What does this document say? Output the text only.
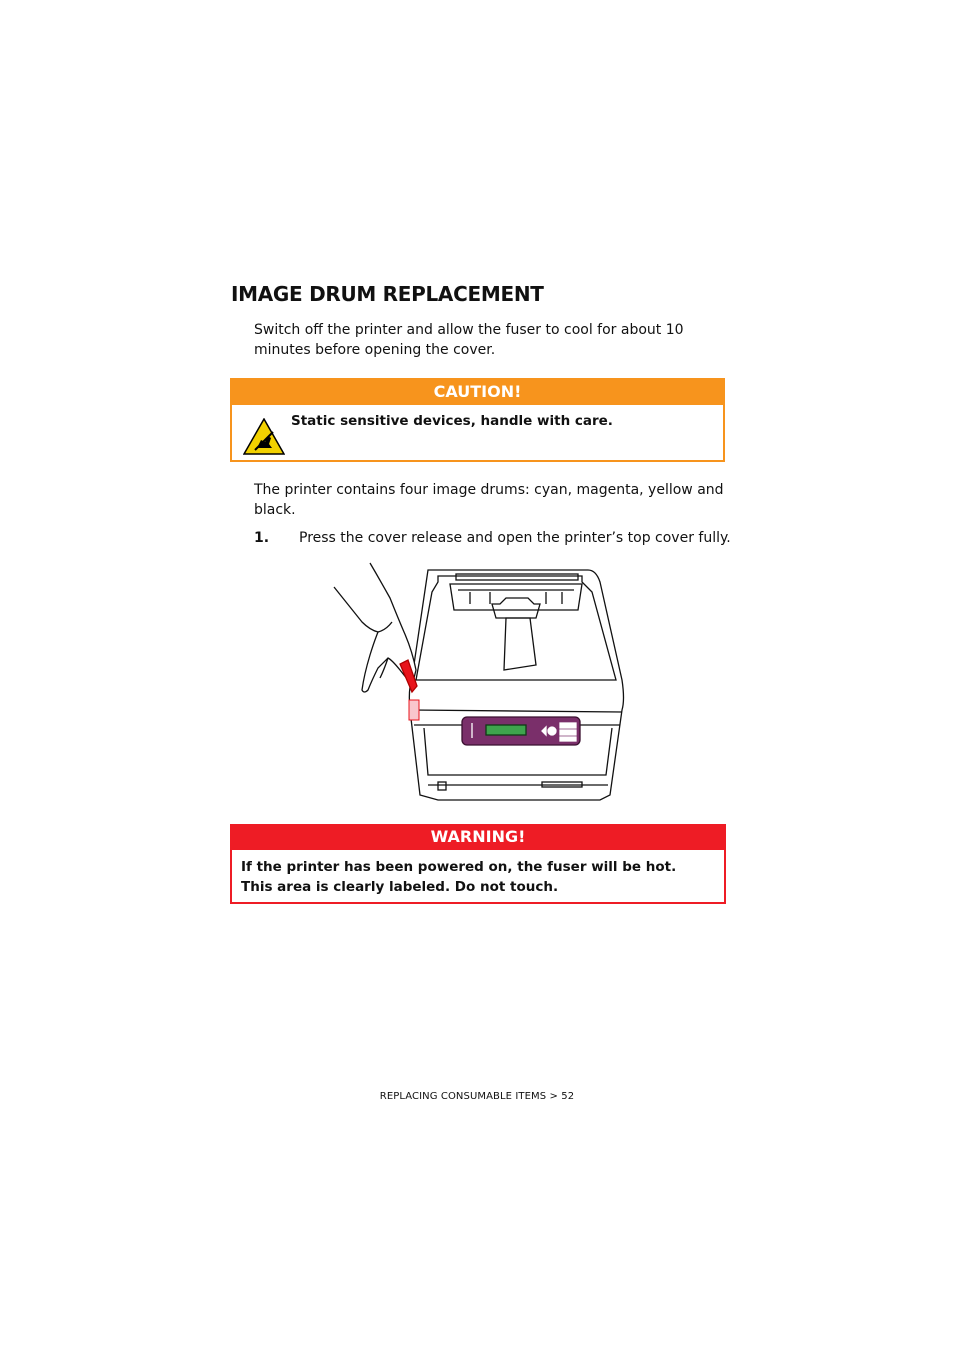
IMAGE DRUM REPLACEMENT

Switch off the printer and allow the fuser to cool for about 10 minutes before opening the cover.

CAUTION!
Static sensitive devices, handle with care.

The printer contains four image drums: cyan, magenta, yellow and black.

1. Press the cover release and open the printer’s top cover fully.
WARNING!
If the printer has been powered on, the fuser will be hot. This area is clearly labeled. Do not touch.
REPLACING CONSUMABLE ITEMS > 52
